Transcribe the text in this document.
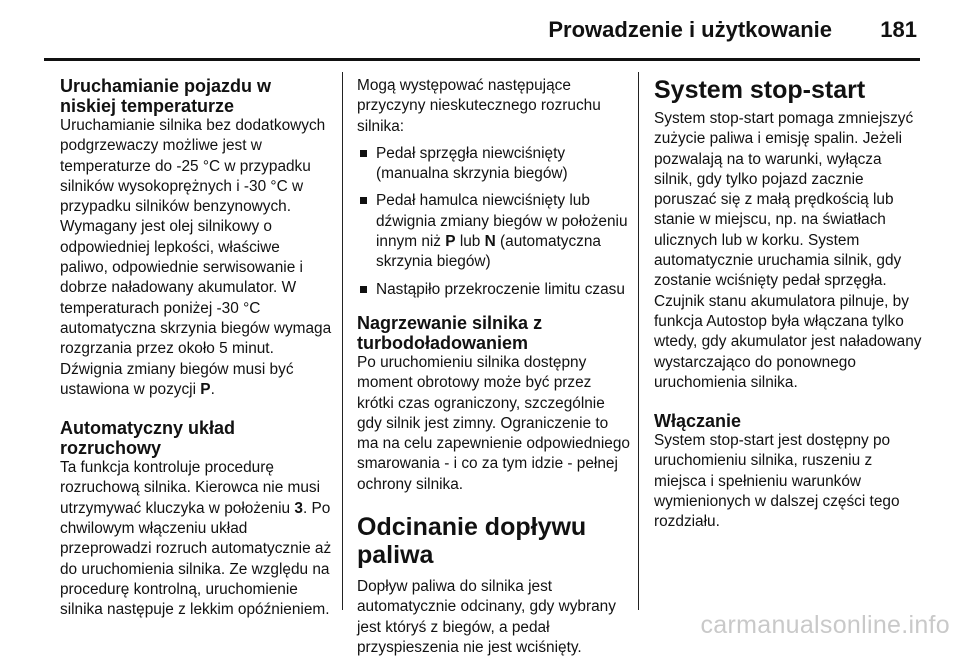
Prowadzenie i użytkowanie 181
Uruchamianie pojazdu w niskiej temperaturze

Uruchamianie silnika bez dodatkowych podgrzewaczy możliwe jest w temperaturze do -25 °C w przypadku silników wysokoprężnych i -30 °C w przypadku silników benzynowych. Wymagany jest olej silnikowy o odpowiedniej lepkości, właściwe paliwo, odpowiednie serwisowanie i dobrze naładowany akumulator. W temperaturach poniżej -30 °C automatyczna skrzynia biegów wymaga rozgrzania przez około 5 minut. Dźwignia zmiany biegów musi być ustawiona w pozycji P.

Automatyczny układ rozruchowy

Ta funkcja kontroluje procedurę rozruchową silnika. Kierowca nie musi utrzymywać kluczyka w położeniu 3. Po chwilowym włączeniu układ przeprowadzi rozruch automatycznie aż do uruchomienia silnika. Ze względu na procedurę kontrolną, uruchomienie silnika następuje z lekkim opóźnieniem.

Mogą występować następujące przyczyny nieskutecznego rozruchu silnika:

Pedał sprzęgła niewciśnięty (manualna skrzynia biegów)
Pedał hamulca niewciśnięty lub dźwignia zmiany biegów w położeniu innym niż P lub N (automatyczna skrzynia biegów)
Nastąpiło przekroczenie limitu czasu
Nagrzewanie silnika z turbodoładowaniem

Po uruchomieniu silnika dostępny moment obrotowy może być przez krótki czas ograniczony, szczególnie gdy silnik jest zimny. Ograniczenie to ma na celu zapewnienie odpowiedniego smarowania - i co za tym idzie - pełnej ochrony silnika.

Odcinanie dopływu paliwa

Dopływ paliwa do silnika jest automatycznie odcinany, gdy wybrany jest któryś z biegów, a pedał przyspieszenia nie jest wciśnięty.

System stop-start

System stop-start pomaga zmniejszyć zużycie paliwa i emisję spalin. Jeżeli pozwalają na to warunki, wyłącza silnik, gdy tylko pojazd zacznie poruszać się z małą prędkością lub stanie w miejscu, np. na światłach ulicznych lub w korku. System automatycznie uruchamia silnik, gdy zostanie wciśnięty pedał sprzęgła. Czujnik stanu akumulatora pilnuje, by funkcja Autostop była włączana tylko wtedy, gdy akumulator jest naładowany wystarczająco do ponownego uruchomienia silnika.

Włączanie

System stop-start jest dostępny po uruchomieniu silnika, ruszeniu z miejsca i spełnieniu warunków wymienionych w dalszej części tego rozdziału.

carmanualsonline.info
